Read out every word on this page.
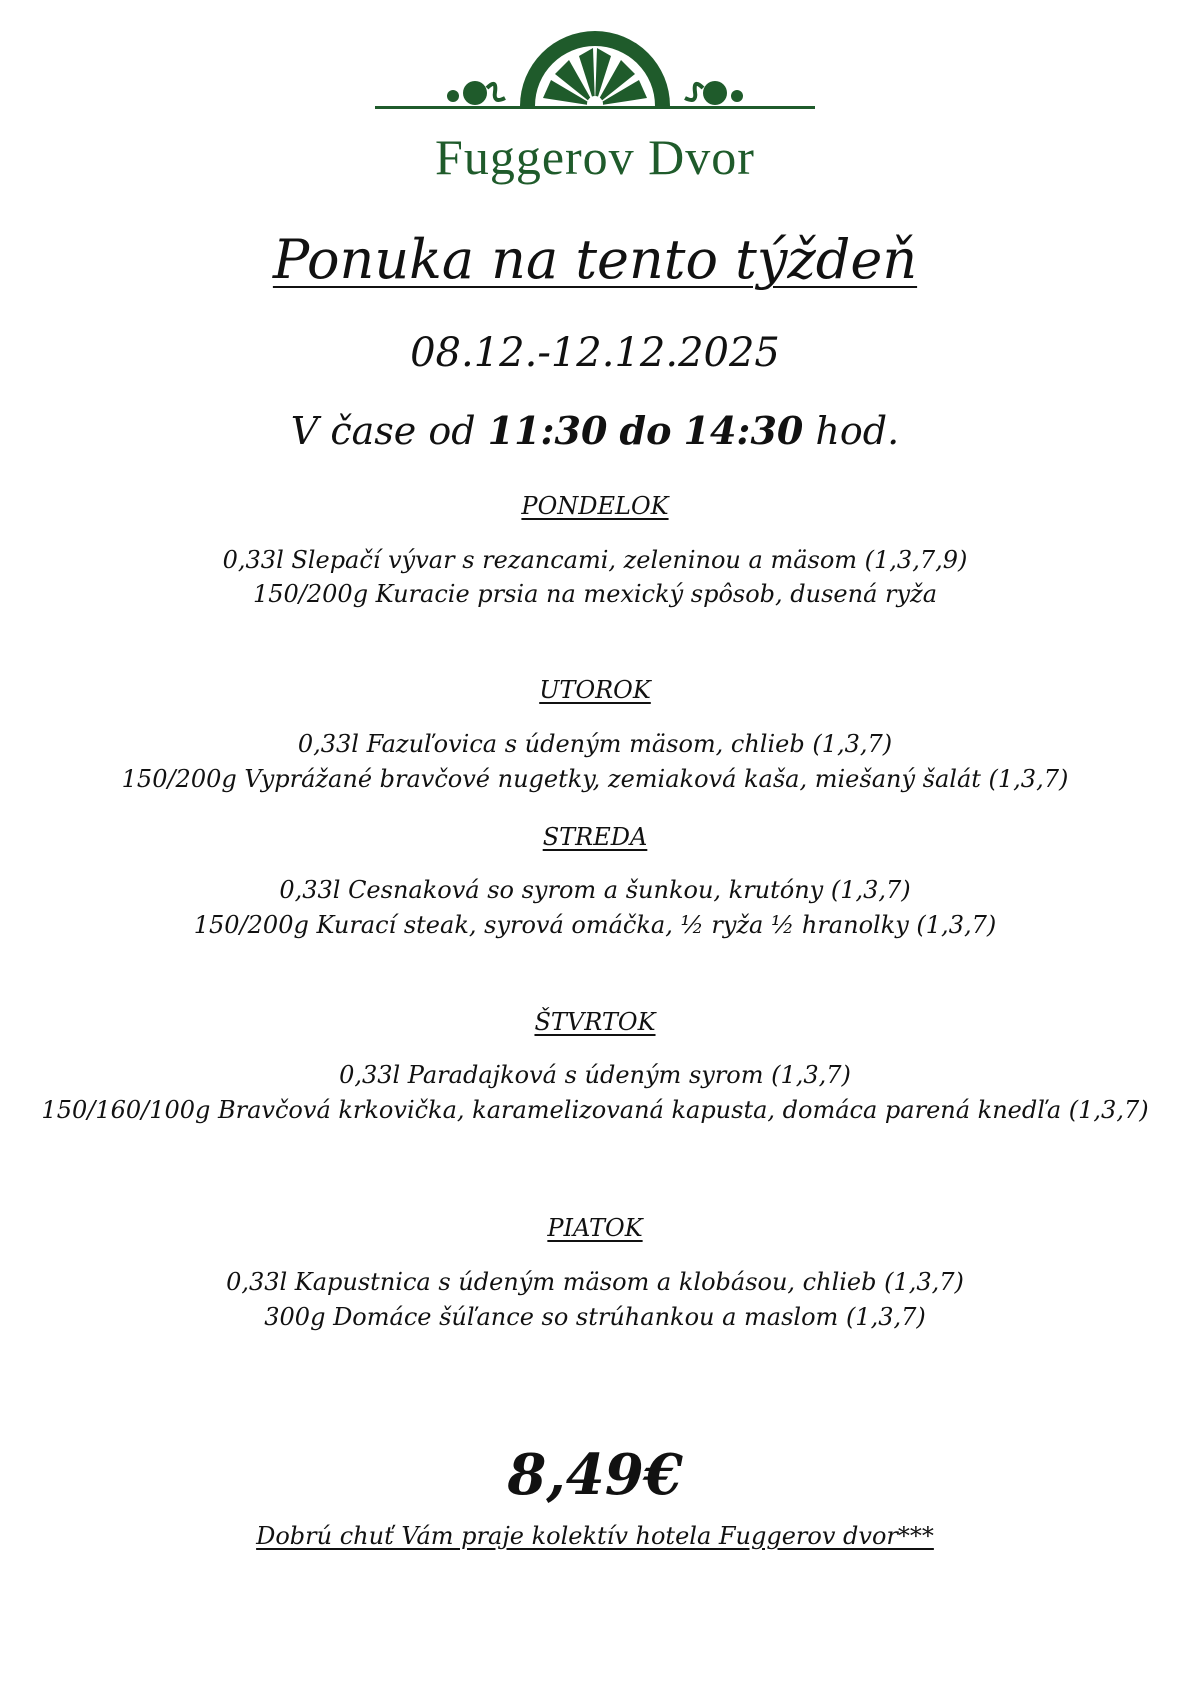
Fuggerov Dvor
Ponuka na tento týždeň
08.12.-12.12.2025
V čase od 11:30 do 14:30 hod.
PONDELOK
0,33l Slepačí vývar s rezancami, zeleninou a mäsom (1,3,7,9)
150/200g Kuracie prsia na mexický spôsob, dusená ryža
UTOROK
0,33l Fazuľovica s údeným mäsom, chlieb (1,3,7)
150/200g Vyprážané bravčové nugetky, zemiaková kaša, miešaný šalát (1,3,7)
STREDA
0,33l Cesnaková so syrom a šunkou, krutóny (1,3,7)
150/200g Kurací steak, syrová omáčka, ½ ryža ½ hranolky (1,3,7)
ŠTVRTOK
0,33l Paradajková s údeným syrom (1,3,7)
150/160/100g Bravčová krkovička, karamelizovaná kapusta, domáca parená knedľa (1,3,7)
PIATOK
0,33l Kapustnica s údeným mäsom a klobásou, chlieb (1,3,7)
300g Domáce šúľance so strúhankou a maslom (1,3,7)
8,49€
Dobrú chuť Vám praje kolektív hotela Fuggerov dvor***
